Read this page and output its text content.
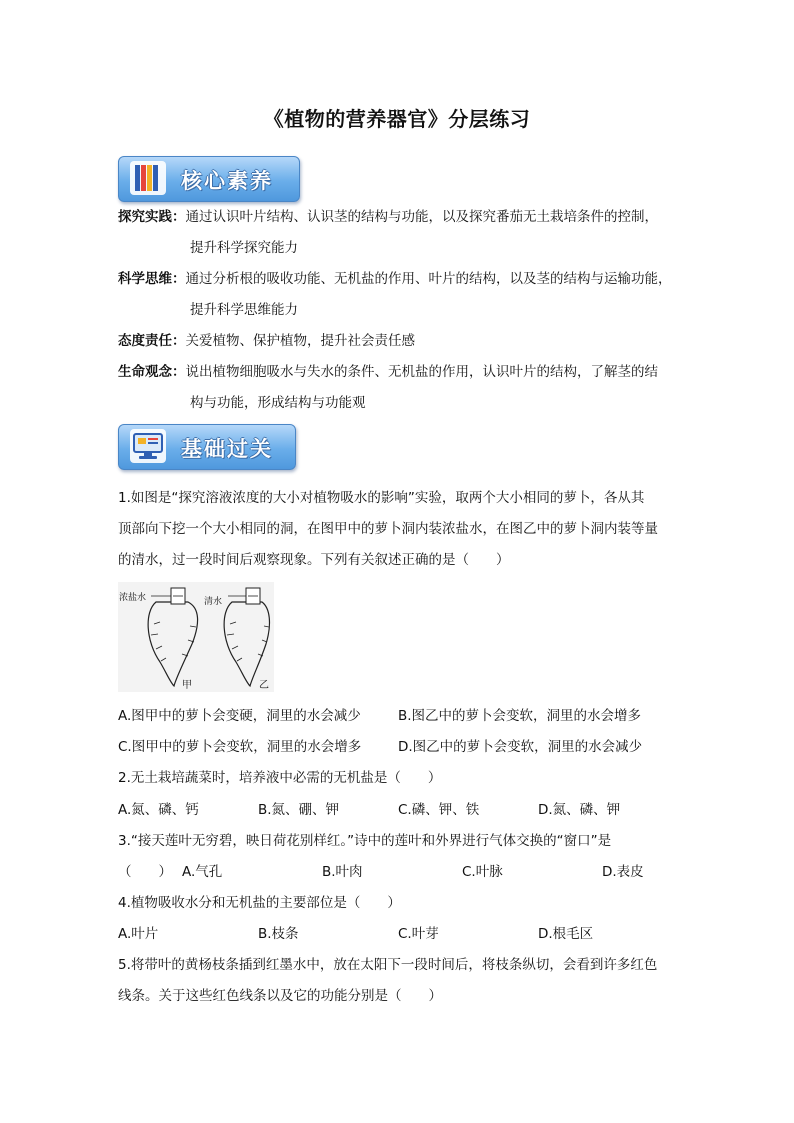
《植物的营养器官》分层练习
核心素养
探究实践：通过认识叶片结构、认识茎的结构与功能，以及探究番茄无土栽培条件的控制，
提升科学探究能力
科学思维：通过分析根的吸收功能、无机盐的作用、叶片的结构，以及茎的结构与运输功能，
提升科学思维能力
态度责任：关爱植物、保护植物，提升社会责任感
生命观念：说出植物细胞吸水与失水的条件、无机盐的作用，认识叶片的结构，了解茎的结
构与功能，形成结构与功能观
基础过关
1.如图是“探究溶液浓度的大小对植物吸水的影响”实验，取两个大小相同的萝卜，各从其
顶部向下挖一个大小相同的洞，在图甲中的萝卜洞内装浓盐水，在图乙中的萝卜洞内装等量
的清水，过一段时间后观察现象。下列有关叙述正确的是（　　）
浓盐水	清水
甲	乙
A.图甲中的萝卜会变硬，洞里的水会减少	B.图乙中的萝卜会变软，洞里的水会增多
C.图甲中的萝卜会变软，洞里的水会增多	D.图乙中的萝卜会变软，洞里的水会减少
2.无土栽培蔬菜时，培养液中必需的无机盐是（　　）
A.氮、磷、钙	B.氮、硼、钾	C.磷、钾、铁	D.氮、磷、钾
3.“接天莲叶无穷碧，映日荷花别样红。”诗中的莲叶和外界进行气体交换的“窗口”是
（　　） A.气孔	B.叶肉	C.叶脉	D.表皮
4.植物吸收水分和无机盐的主要部位是（　　）
A.叶片	B.枝条	C.叶芽	D.根毛区
5.将带叶的黄杨枝条插到红墨水中，放在太阳下一段时间后，将枝条纵切，会看到许多红色
线条。关于这些红色线条以及它的功能分别是（　　）
